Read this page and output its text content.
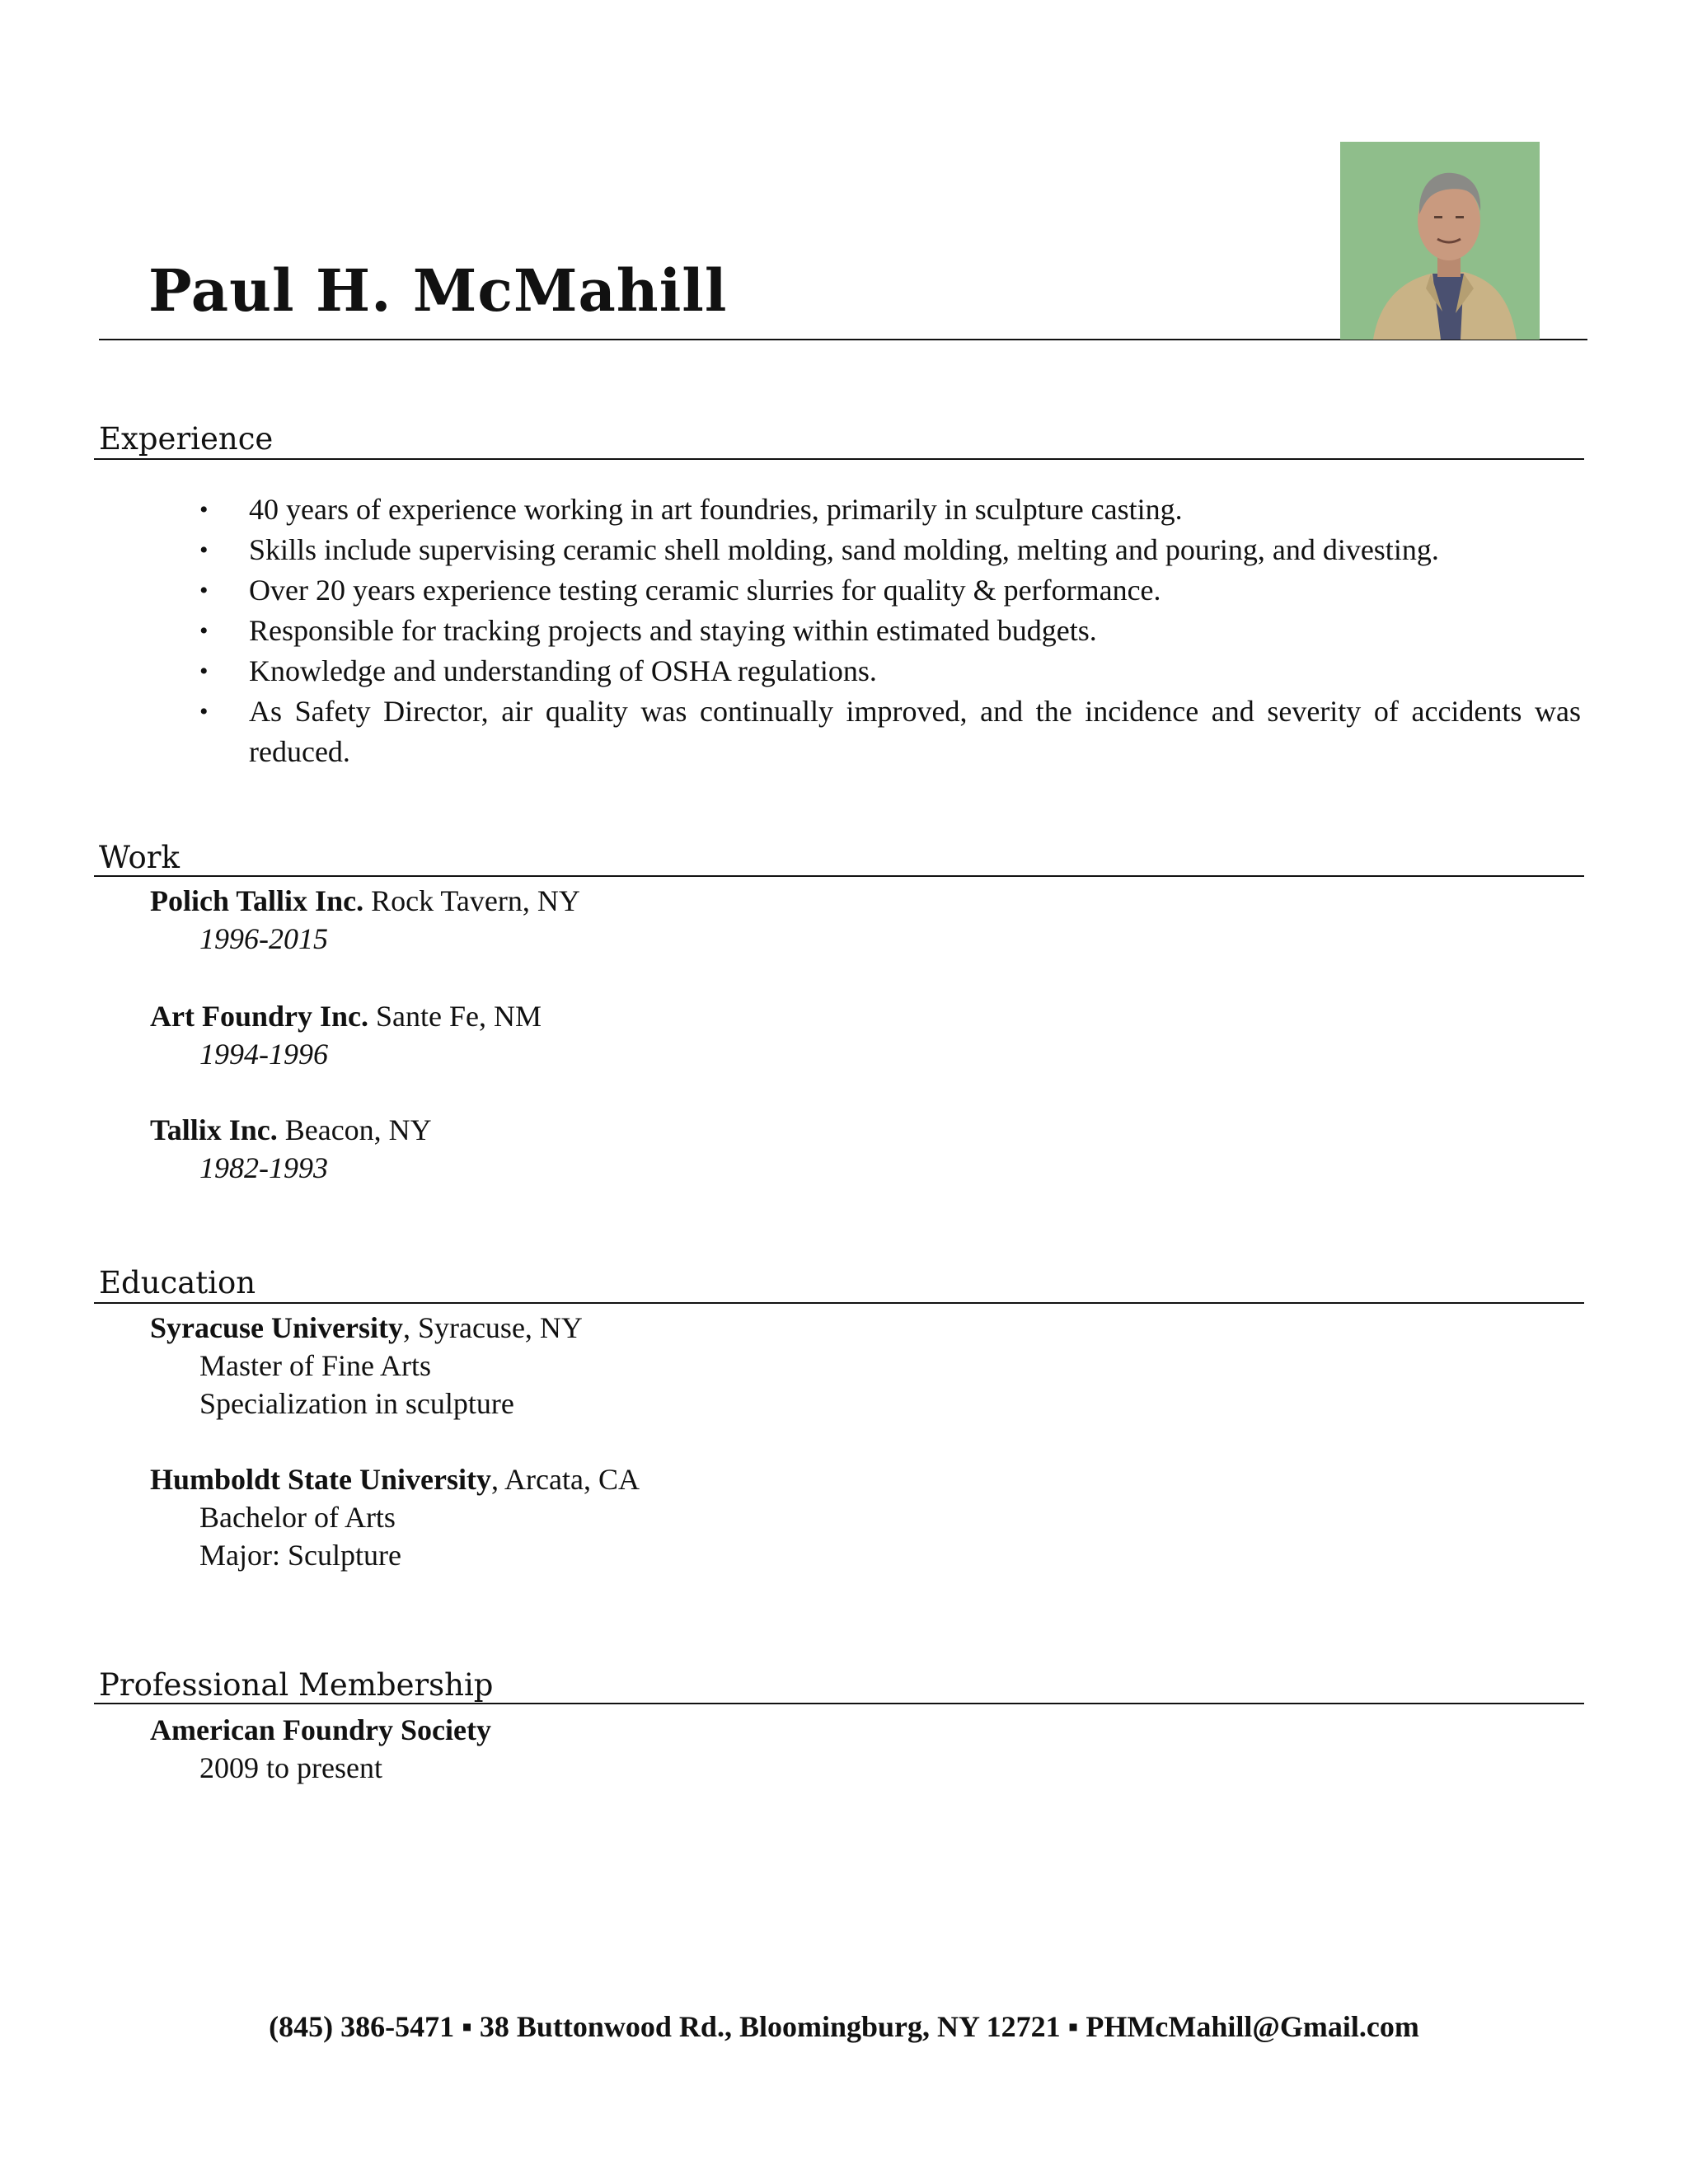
Paul H. McMahill
Experience
• 40 years of experience working in art foundries, primarily in sculpture casting.
• Skills include supervising ceramic shell molding, sand molding, melting and pouring, and divesting.
• Over 20 years experience testing ceramic slurries for quality & performance.
• Responsible for tracking projects and staying within estimated budgets.
• Knowledge and understanding of OSHA regulations.
• As Safety Director, air quality was continually improved, and the incidence and severity of accidents was reduced.
Work
Polich Tallix Inc. Rock Tavern, NY
1996-2015
Art Foundry Inc. Sante Fe, NM
1994-1996
Tallix Inc. Beacon, NY
1982-1993
Education
Syracuse University, Syracuse, NY
Master of Fine Arts
Specialization in sculpture
Humboldt State University, Arcata, CA
Bachelor of Arts
Major: Sculpture
Professional Membership
American Foundry Society
2009 to present
(845) 386-5471 ▪ 38 Buttonwood Rd., Bloomingburg, NY 12721 ▪ PHMcMahill@Gmail.com
